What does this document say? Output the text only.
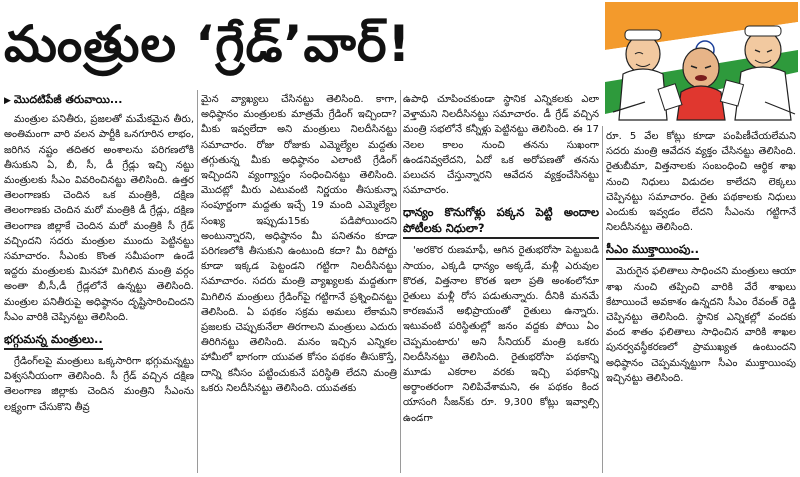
మంత్రుల ‘గ్రేడ్’వార్!
▶ మొదటిపేజీ తరువాయి...

మంత్రుల పనితీరు, ప్రజలతో మమేకమైన తీరు, అంతిమంగా వారి వలన పార్టీకి ఒనగూరిన లాభం, జరిగిన నష్టం తదితర అంశాలను పరిగణలోకి తీసుకుని ఏ, బీ, సీ, డీ గ్రేడ్లు ఇచ్చి నట్టు మంత్రులకు సీఎం వివరించినట్టు తెలిసింది. ఉత్తర తెలంగాణకు చెందిన ఒక మంత్రికి, దక్షిణ తెలంగాణకు చెందిన మరో మంత్రికి డీ గ్రేడ్లు, దక్షిణ తెలంగాణ జిల్లాకే చెందిన మరో మంత్రికి సీ గ్రేడ్ వచ్చిందని సదరు మంత్రుల ముందు పెట్టినట్టు సమాచారం. సీఎంకు కొంత సమీపంగా ఉండే ఇద్దరు మంత్రులకు మినహా మిగిలిన మంత్రి వర్గం అంతా బీ,సీ,డీ గ్రేడ్లలోనే ఉన్నట్టు తెలిసింది. మంత్రుల పనితీరుపై అధిష్ఠానం దృష్టిసారించిందని సీఎం వారికి చెప్పినట్టు తెలిసింది.

భగ్గుమన్న మంత్రులు..

గ్రేడింగ్‌లపై మంత్రులు ఒక్కసారిగా భగ్గుమన్నట్టు విశ్వసనీయంగా తెలిసింది. సీ గ్రేడ్ వచ్చిన దక్షిణ తెలంగాణ జిల్లాకు చెందిన మంత్రిని సీఎంను లక్ష్యంగా చేసుకొని తీవ్ర

మైన వ్యాఖ్యలు చేసినట్టు తెలిసింది. కాగా, అధిష్ఠానం మంత్రులకు మాత్రమే గ్రేడింగ్ ఇచ్చిందా? మీకు ఇవ్వలేదా అని మంత్రులు నిలదీసినట్టు సమాచారం. రోజు రోజుకు ఎమ్మెల్యేల మద్దతు తగ్గుతున్న మీకు అధిష్ఠానం ఎలాంటి గ్రేడింగ్ ఇచ్చిందని వ్యంగ్యాస్త్రం సంధించినట్టు తెలిసింది. మొదట్లో మీరు ఎటువంటి నిర్ణయం తీసుకున్నా సంపూర్ణంగా మద్దతు ఇచ్చే 19 మంది ఎమ్మెల్యేల సంఖ్య ఇప్పుడు15కు పడిపోయిందని అంటున్నారని, అధిష్ఠానం మీ పనితనం కూడా పరిగణలోకి తీసుకుని ఉంటుంది కదా? మీ రిపోర్టు కూడా ఇక్కడ పెట్టండని గట్టిగా నిలదీసినట్టు సమాచారం. సదరు మంత్రి వ్యాఖ్యలకు మద్దతుగా మిగిలిన మంత్రులు గ్రేడింగ్‌పై గట్టిగానే ప్రశ్నించినట్టు తెలిసింది. ఏ పథకం సక్రమ అమలు లేకామని ప్రజలకు చెప్పుకునేలా తిరగాలని మంత్రులు ఎదురు తిరిగినట్టు తెలిసింది. మనం ఇచ్చిన ఎన్నికల హామీలో భాగంగా యువత కోసం పథకం తీసుకొస్తే, దాన్ని కనీసం పట్టించుకునే పరిస్థితి లేదని మంత్రి ఒకరు నిలదీసినట్టు తెలిసింది. యువతకు

ఉపాధి చూపించకుండా స్థానిక ఎన్నికలకు ఎలా వెళ్తామని నిలదీసినట్టు సమాచారం. డీ గ్రేడ్ వచ్చిన మంత్రి సభలోనే కన్నీళ్లు పెట్టినట్టు తెలిసింది. ఈ 17 నెలల కాలం నుంచి తనను సుఖంగా ఉండనివ్వలేదని, ఏదో ఒక అరోపణతో తనను పలుచన చేస్తున్నారని ఆవేదన వ్యక్తంచేసినట్టు సమాచారం.

ధాన్యం కొనుగోళ్లు పక్కన పెట్టి అందాల పోటీలకు నిధులా?

'అరకొర రుణమాఫీ, ఆగిన రైతుభరోసా పెట్టుబడి సాయం, ఎక్కడి ధాన్యం అక్కడే, మళ్లీ ఎరువుల కొరత, విత్తనాల కొరత ఇలా ప్రతి అంశంలోనూ రైతులు మళ్లీ రోస పడుతున్నారు. దీనికి మనమే కారణమనే అభిప్రాయంతో రైతులు ఉన్నారు. ఇటువంటి పరిస్థితుల్లో జనం వద్దకు పోయి ఏం చెప్పమంటారు' అని సీనియర్ మంత్రి ఒకరు నిలదీసినట్టు తెలిసింది. రైతుభరోసా పథకాన్ని మూడు ఎకరాల వరకు ఇచ్చి పథకాన్ని అర్థాంతరంగా నిలిపివేశామని, ఈ పథకం కింద యాసంగి సీజన్‌కు రూ. 9,300 కోట్లు ఇవ్వాల్సి ఉండగా

రూ. 5 వేల కోట్లు కూడా పంపిణీచేయలేమని సదరు మంత్రి ఆవేదన వ్యక్తం చేసినట్టు తెలిసింది. రైతుబీమా, విత్తనాలకు సంబంధించి ఆర్థిక శాఖ నుంచి నిధులు విడుదల కాలేదని లెక్కలు చెప్పినట్టు సమాచారం. రైతు పథకాలకు నిధులు ఎందుకు ఇవ్వడం లేదని సీఎంను గట్టిగానే నిలదీసినట్టు తెలిసింది.

సీఎం ముక్తాయింపు..

మెరుగైన ఫలితాలు సాధించని మంత్రులు ఆయా శాఖ నుంచి తప్పించి వారికి వేరే శాఖలు కేటాయించే అవకాశం ఉన్నదని సీఎం రేవంత్ రెడ్డి చెప్పినట్టు తెలిసింది. స్థానిక ఎన్నికల్లో వందకు వంద శాతం ఫలితాలు సాధించిన వారికి శాఖల పునర్వవస్థీకరణలో ప్రాముఖ్యత ఉంటుందని అధిష్ఠానం చెప్పమన్నట్టుగా సీఎం ముక్తాయింపు ఇచ్చినట్టు తెలిసింది.
